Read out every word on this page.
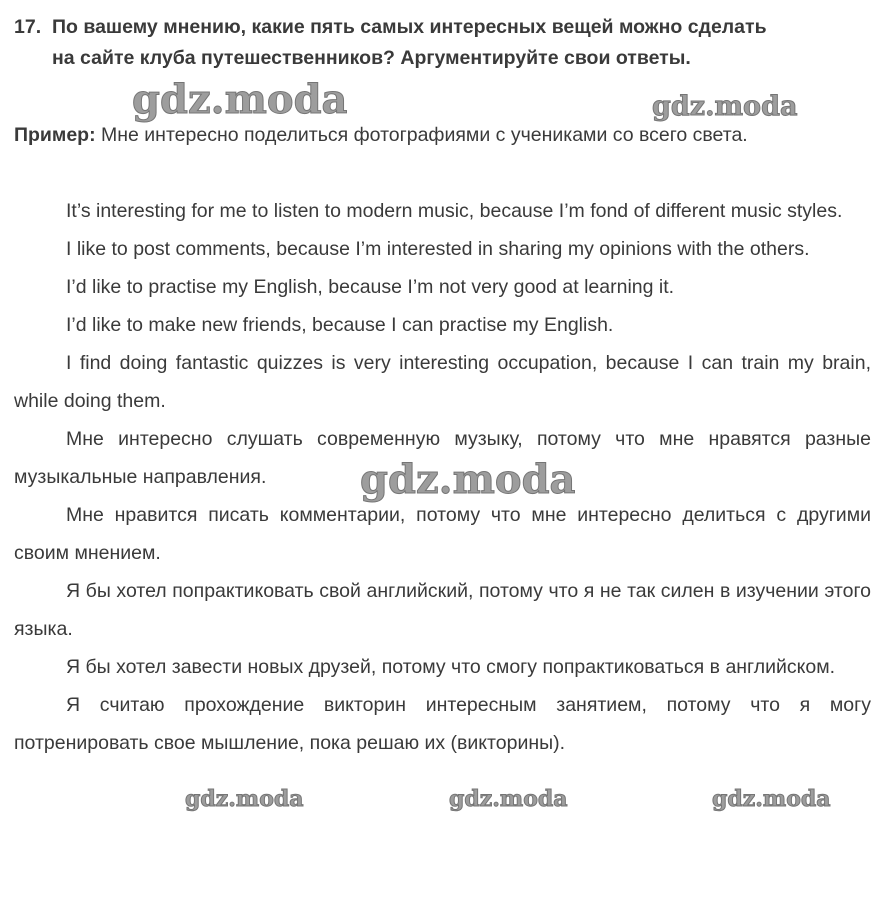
17. По вашему мнению, какие пять самых интересных вещей можно сделать
на сайте клуба путешественников? Аргументируйте свои ответы.
Пример: Мне интересно поделиться фотографиями с учениками со всего света.

It’s interesting for me to listen to modern music, because I’m fond of different music styles.

I like to post comments, because I’m interested in sharing my opinions with the others.

I’d like to practise my English, because I’m not very good at learning it.

I’d like to make new friends, because I can practise my English.

I find doing fantastic quizzes is very interesting occupation, because I can train my brain, while doing them.

Мне интересно слушать современную музыку, потому что мне нравятся разные музыкальные направления.

Мне нравится писать комментарии, потому что мне интересно делиться с другими своим мнением.

Я бы хотел попрактиковать свой английский, потому что я не так силен в изучении этого языка.

Я бы хотел завести новых друзей, потому что смогу попрактиковаться в английском.

Я считаю прохождение викторин интересным занятием, потому что я могу потренировать свое мышление, пока решаю их (викторины).

gdz.moda	gdz.moda
gdz.moda
gdz.moda	gdz.moda	gdz.moda
